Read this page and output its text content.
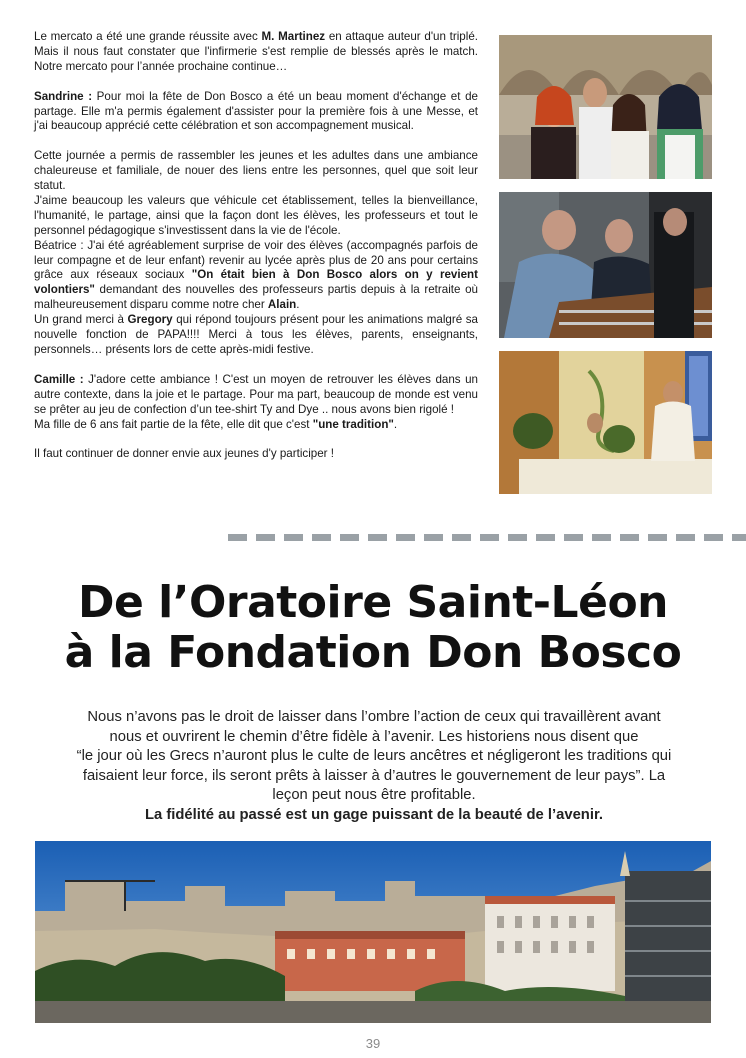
Le mercato a été une grande réussite avec M. Martinez en attaque auteur d'un triplé. Mais il nous faut constater que l'infirmerie s'est remplie de blessés après le match. Notre mercato pour l’année prochaine continue…

Sandrine : Pour moi la fête de Don Bosco a été un beau moment d'échange et de partage. Elle m'a permis également d'assister pour la première fois à une Messe, et j'ai beaucoup apprécié cette célébration et son accompagnement musical.

Cette journée a permis de rassembler les jeunes et les adultes dans une ambiance chaleureuse et familiale, de nouer des liens entre les personnes, quel que soit leur statut.
J'aime beaucoup les valeurs que véhicule cet établissement, telles la bienveillance, l'humanité, le partage, ainsi que la façon dont les élèves, les professeurs et tout le personnel pédagogique s'investissent dans la vie de l'école.
Béatrice : J'ai été agréablement surprise de voir des élèves (accompagnés parfois de leur compagne et de leur enfant) revenir au lycée après plus de 20 ans pour certains grâce aux réseaux sociaux "On était bien à Don Bosco alors on y revient volontiers" demandant des nouvelles des professeurs partis depuis à la retraite où malheureusement disparu comme notre cher Alain.
Un grand merci à Gregory qui répond toujours présent pour les animations malgré sa nouvelle fonction de PAPA!!!! Merci à tous les élèves, parents, enseignants, personnels… présents lors de cette après-midi festive.

Camille : J'adore cette ambiance ! C'est un moyen de retrouver les élèves dans un autre contexte, dans la joie et le partage. Pour ma part, beaucoup de monde est venu se prêter au jeu de confection d’un tee-shirt Ty and Dye .. nous avons bien rigolé !
Ma fille de 6 ans fait partie de la fête, elle dit que c'est "une tradition".

Il faut continuer de donner envie aux jeunes d'y participer !

De l’Oratoire Saint-Léon
à la Fondation Don Bosco
Nous n’avons pas le droit de laisser dans l’ombre l’action de ceux qui travaillèrent avant
nous et ouvrirent le chemin d’être fidèle à l’avenir. Les historiens nous disent que
“le jour où les Grecs n’auront plus le culte de leurs ancêtres et négligeront les traditions qui
faisaient leur force, ils seront prêts à laisser à d’autres le gouvernement de leur pays”. La
leçon peut nous être profitable.
La fidélité au passé est un gage puissant de la beauté de l’avenir.
39
